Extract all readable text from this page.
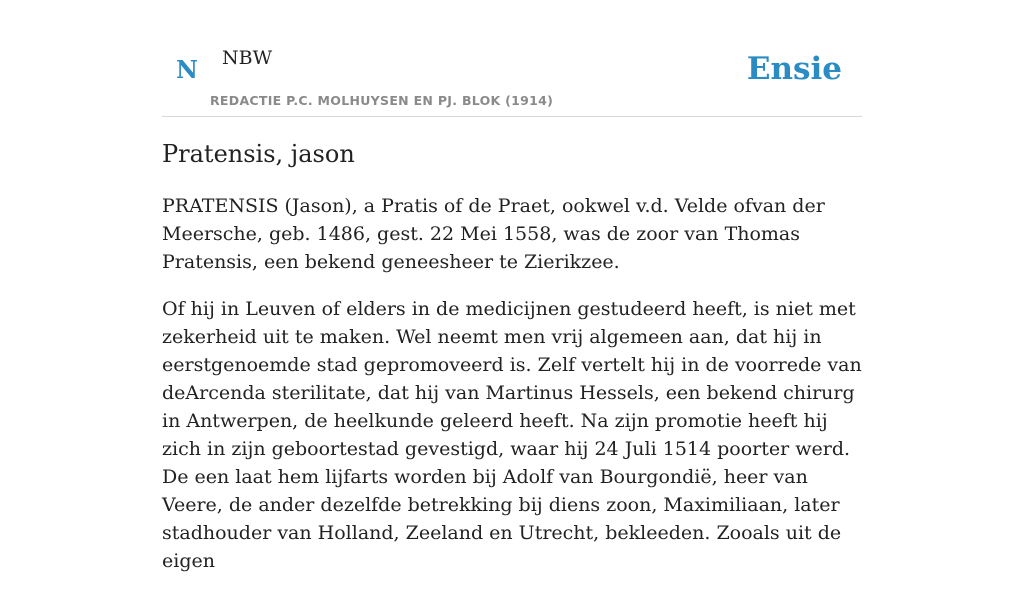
N NBW
REDACTIE P.C. MOLHUYSEN EN PJ. BLOK (1914)
Ensie
Pratensis, jason

PRATENSIS (Jason), a Pratis of de Praet, ookwel v.d. Velde ofvan der Meersche, geb. 1486, gest. 22 Mei 1558, was de zoor van Thomas Pratensis, een bekend geneesheer te Zierikzee.

Of hij in Leuven of elders in de medicijnen gestudeerd heeft, is niet met zekerheid uit te maken. Wel neemt men vrij algemeen aan, dat hij in eerstgenoemde stad gepromoveerd is. Zelf vertelt hij in de voorrede van deArcenda sterilitate, dat hij van Martinus Hessels, een bekend chirurg in Antwerpen, de heelkunde geleerd heeft. Na zijn promotie heeft hij zich in zijn geboortestad gevestigd, waar hij 24 Juli 1514 poorter werd. De een laat hem lijfarts worden bij Adolf van Bourgondië, heer van Veere, de ander dezelfde betrekking bij diens zoon, Maximiliaan, later stadhouder van Holland, Zeeland en Utrecht, bekleeden. Zooals uit de eigen
